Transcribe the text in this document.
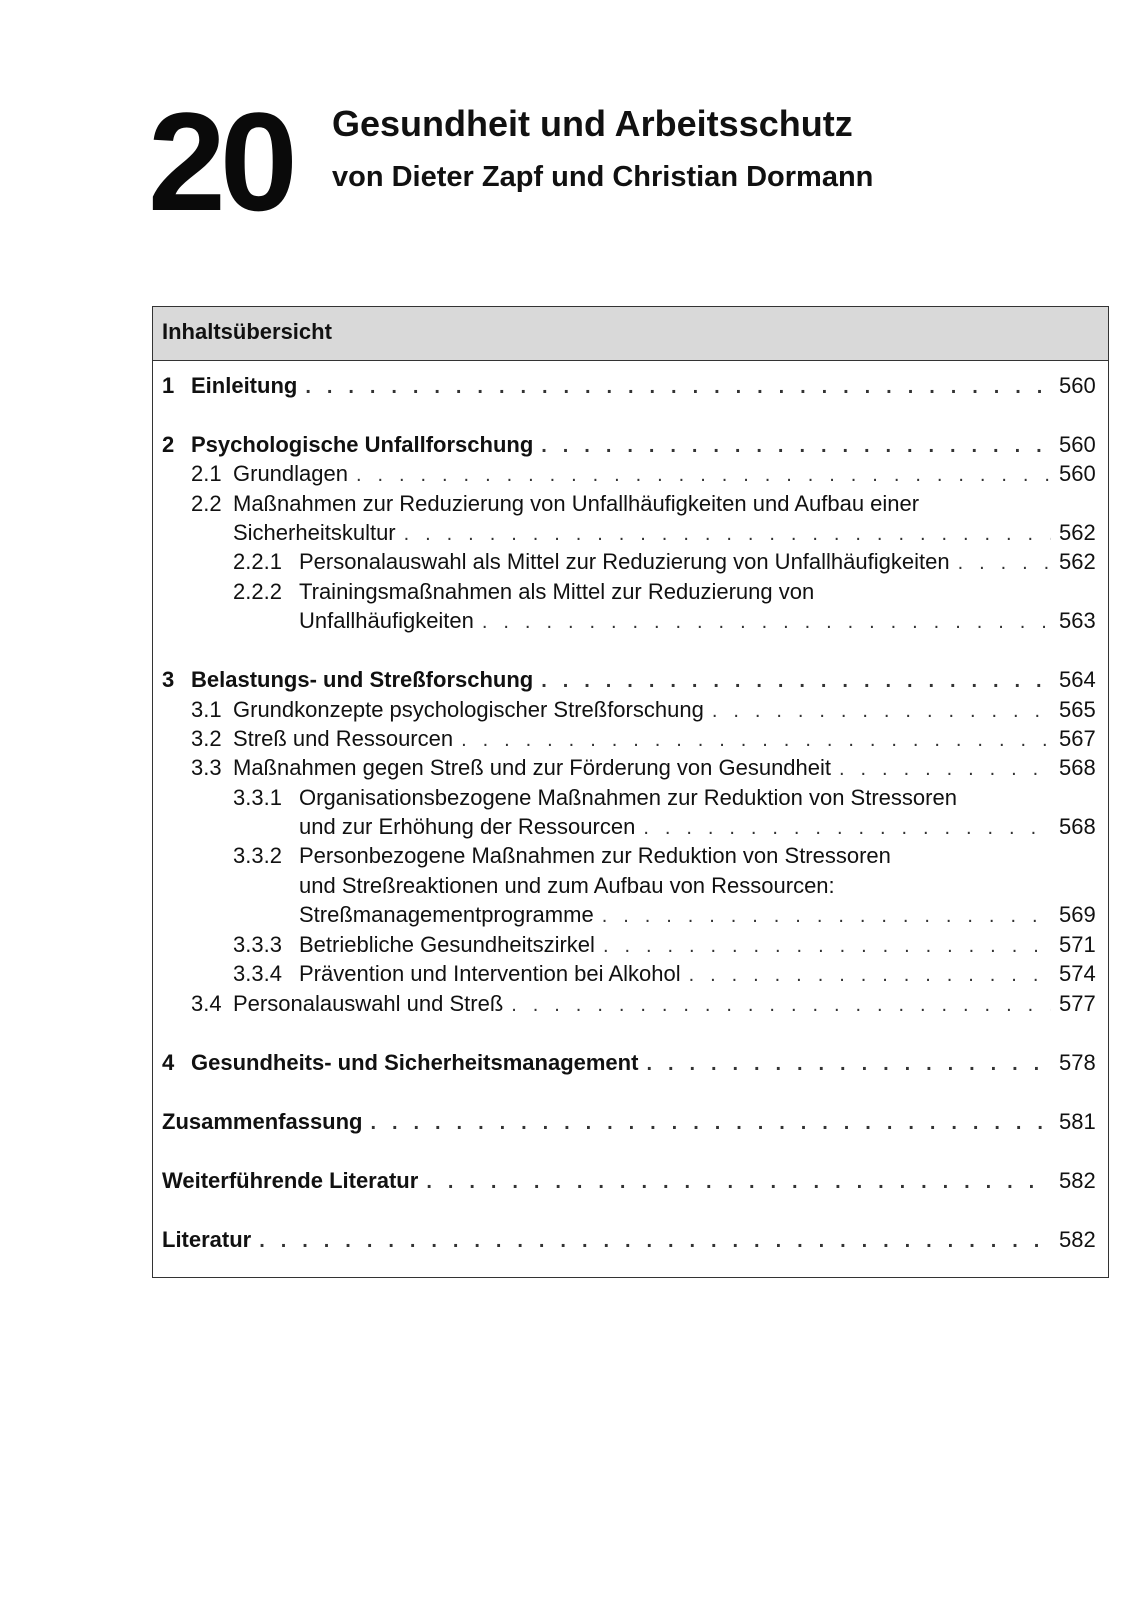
20 Gesundheit und Arbeitsschutz
von Dieter Zapf und Christian Dormann
Inhaltsübersicht
1 Einleitung . . .	560
2 Psychologische Unfallforschung . . .	560
2.1 Grundlagen . . .	560
2.2 Maßnahmen zur Reduzierung von Unfallhäufigkeiten und Aufbau einer
Sicherheitskultur . . .	562
2.2.1 Personalauswahl als Mittel zur Reduzierung von Unfallhäufigkeiten . . .	562
2.2.2 Trainingsmaßnahmen als Mittel zur Reduzierung von
Unfallhäufigkeiten . . .	563
3 Belastungs- und Streßforschung . . .	564
3.1 Grundkonzepte psychologischer Streßforschung . . .	565
3.2 Streß und Ressourcen . . .	567
3.3 Maßnahmen gegen Streß und zur Förderung von Gesundheit . . .	568
3.3.1 Organisationsbezogene Maßnahmen zur Reduktion von Stressoren
und zur Erhöhung der Ressourcen . . .	568
3.3.2 Personbezogene Maßnahmen zur Reduktion von Stressoren
und Streßreaktionen und zum Aufbau von Ressourcen:
Streßmanagementprogramme . . .	569
3.3.3 Betriebliche Gesundheitszirkel . . .	571
3.3.4 Prävention und Intervention bei Alkohol . . .	574
3.4 Personalauswahl und Streß . . .	577
4 Gesundheits- und Sicherheitsmanagement . . .	578
Zusammenfassung . . .	581
Weiterführende Literatur . . .	582
Literatur . . .	582
